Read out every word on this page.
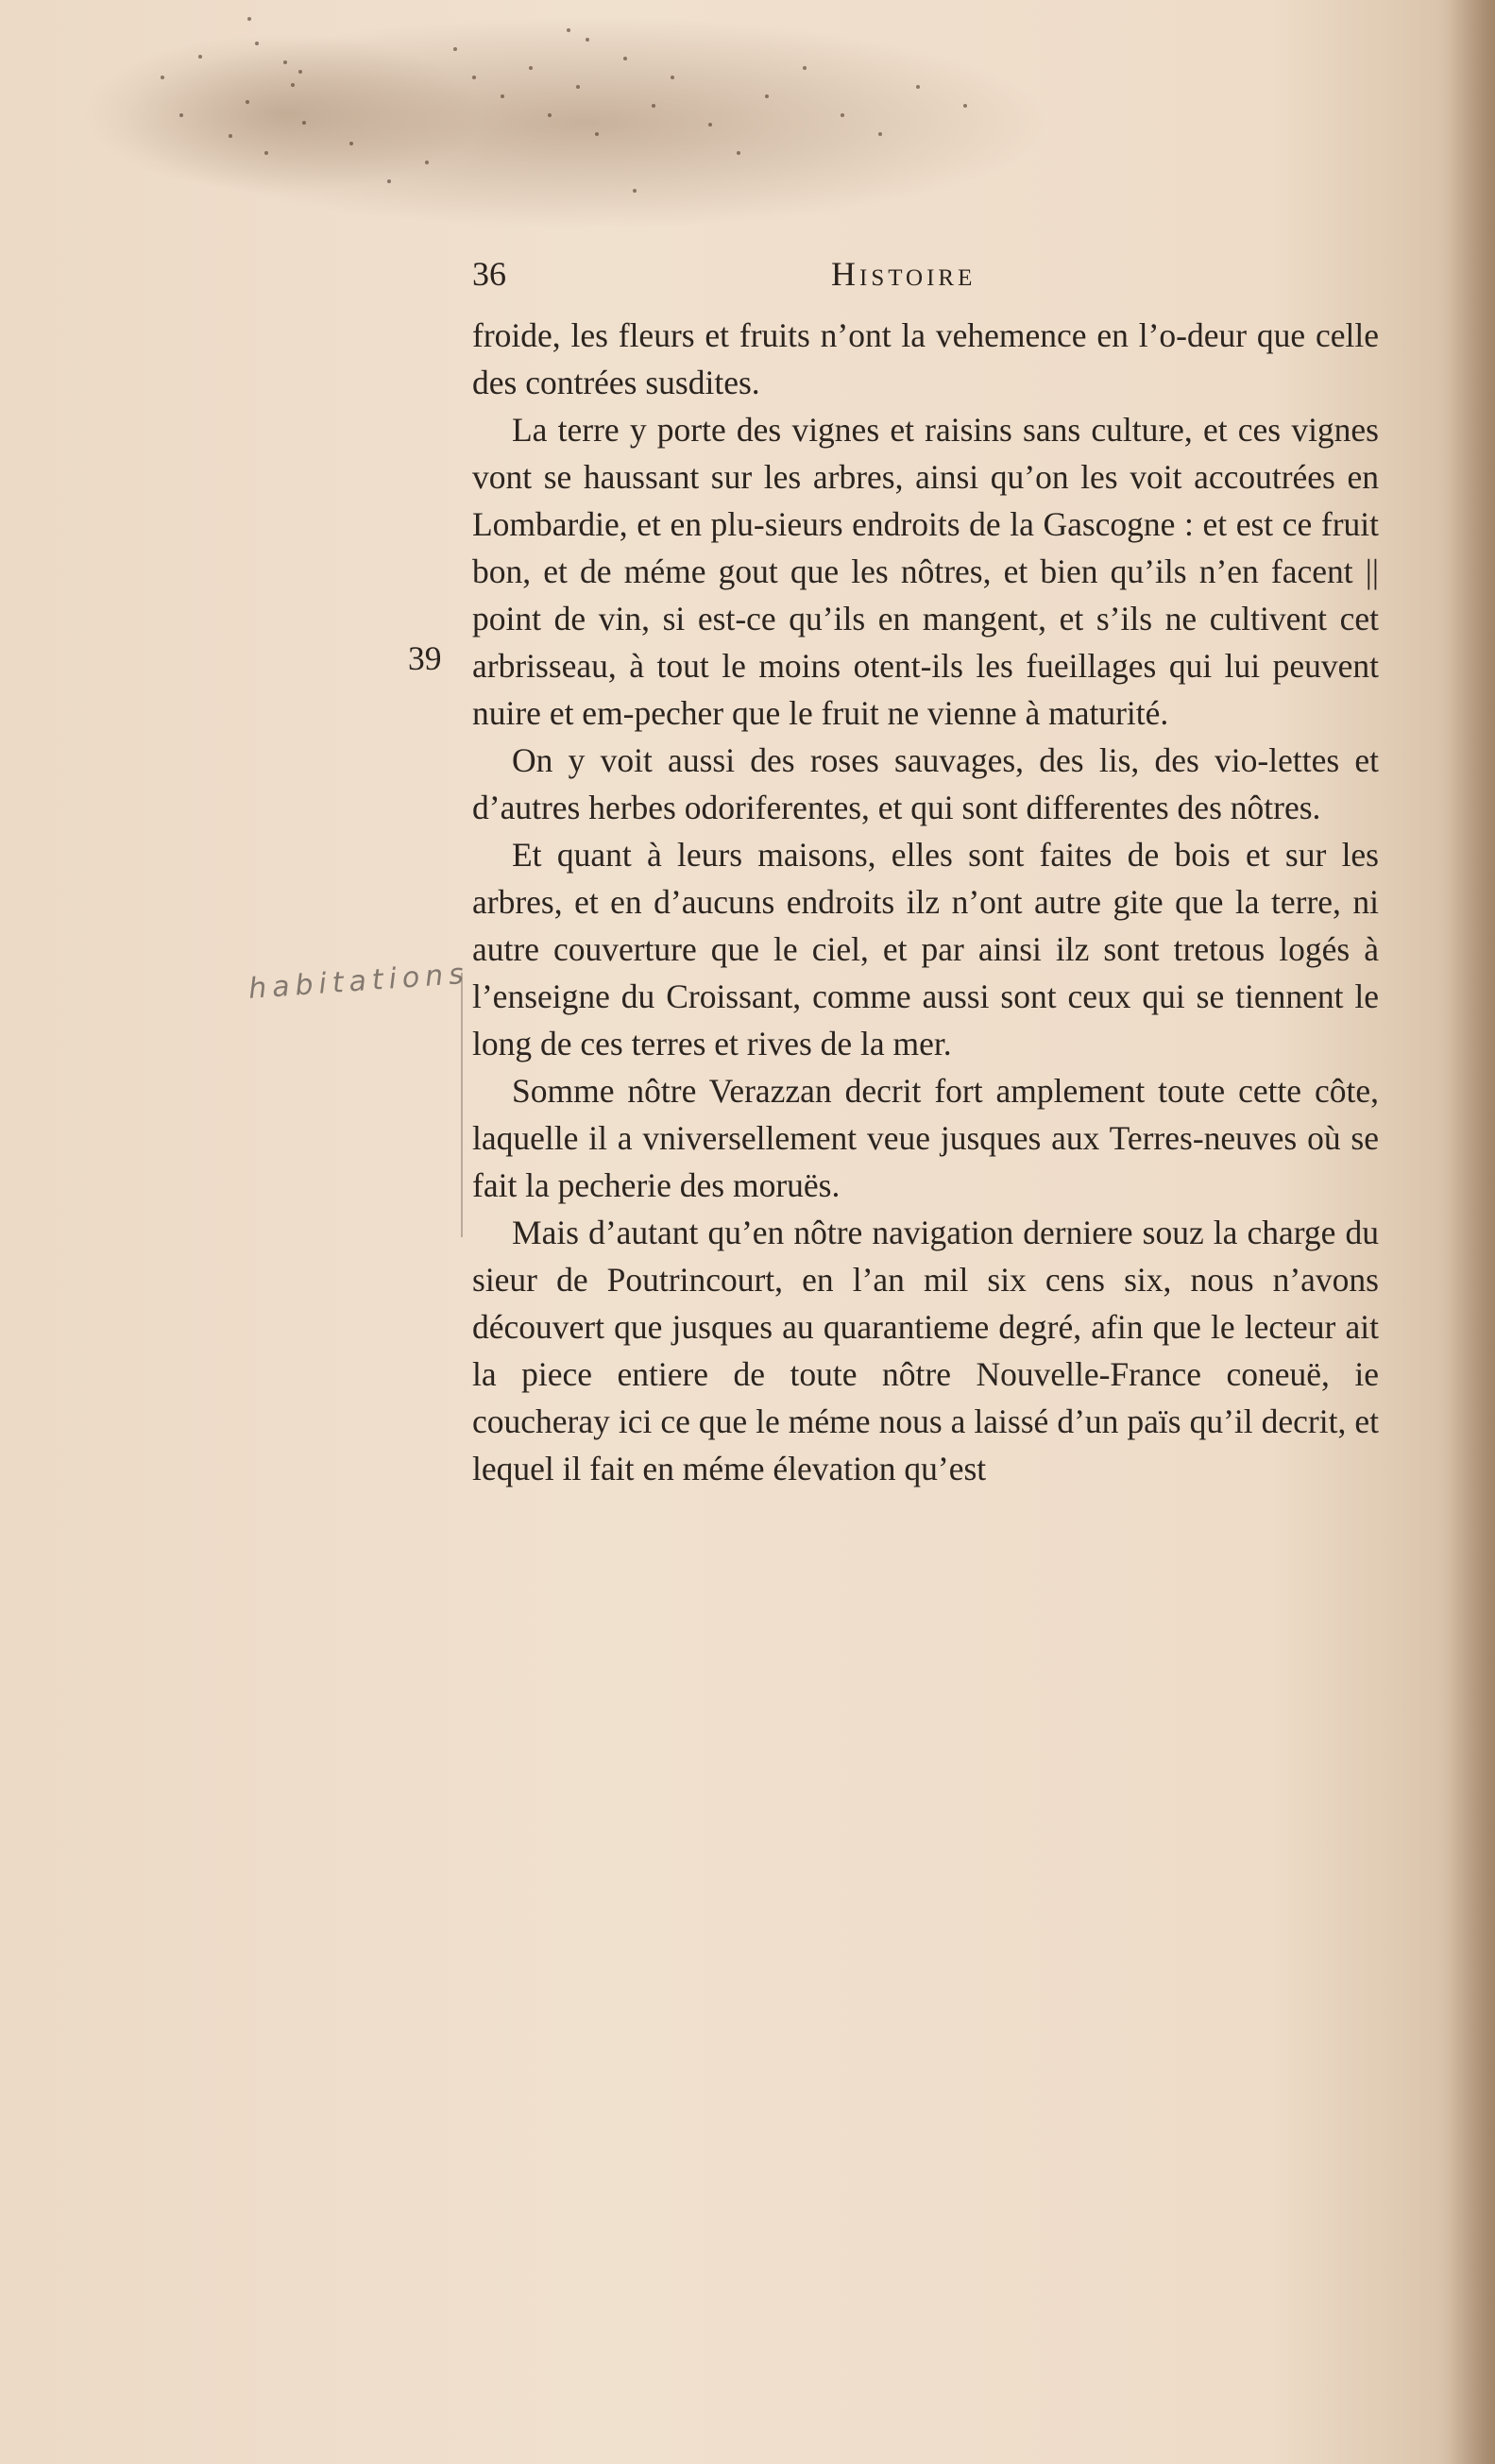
36	Histoire
habitations
39

froide, les fleurs et fruits n’ont la vehemence en l’o-deur que celle des contrées susdites.

La terre y porte des vignes et raisins sans culture, et ces vignes vont se haussant sur les arbres, ainsi qu’on les voit accoutrées en Lombardie, et en plu-sieurs endroits de la Gascogne : et est ce fruit bon, et de méme gout que les nôtres, et bien qu’ils n’en facent || point de vin, si est-ce qu’ils en mangent, et s’ils ne cultivent cet arbrisseau, à tout le moins otent-ils les fueillages qui lui peuvent nuire et em-pecher que le fruit ne vienne à maturité.

On y voit aussi des roses sauvages, des lis, des vio-lettes et d’autres herbes odoriferentes, et qui sont differentes des nôtres.

Et quant à leurs maisons, elles sont faites de bois et sur les arbres, et en d’aucuns endroits ilz n’ont autre gite que la terre, ni autre couverture que le ciel, et par ainsi ilz sont tretous logés à l’enseigne du Croissant, comme aussi sont ceux qui se tiennent le long de ces terres et rives de la mer.

Somme nôtre Verazzan decrit fort amplement toute cette côte, laquelle il a vniversellement veue jusques aux Terres-neuves où se fait la pecherie des moruës.

Mais d’autant qu’en nôtre navigation derniere souz la charge du sieur de Poutrincourt, en l’an mil six cens six, nous n’avons découvert que jusques au quarantieme degré, afin que le lecteur ait la piece entiere de toute nôtre Nouvelle-France coneuë, ie coucheray ici ce que le méme nous a laissé d’un païs qu’il decrit, et lequel il fait en méme élevation qu’est
